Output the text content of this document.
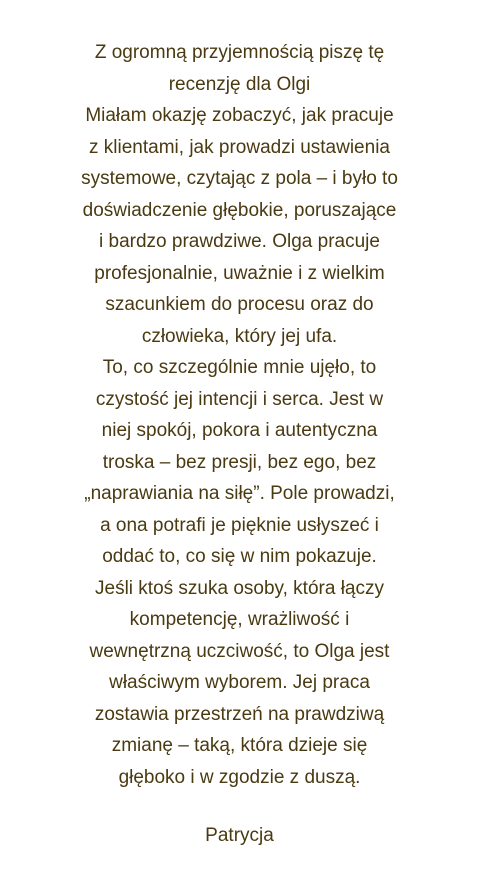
Z ogromną przyjemnością piszę tę
recenzję dla Olgi
Miałam okazję zobaczyć, jak pracuje
z klientami, jak prowadzi ustawienia
systemowe, czytając z pola – i było to
doświadczenie głębokie, poruszające
i bardzo prawdziwe. Olga pracuje
profesjonalnie, uważnie i z wielkim
szacunkiem do procesu oraz do
człowieka, który jej ufa.
To, co szczególnie mnie ujęło, to
czystość jej intencji i serca. Jest w
niej spokój, pokora i autentyczna
troska – bez presji, bez ego, bez
„naprawiania na siłę”. Pole prowadzi,
a ona potrafi je pięknie usłyszeć i
oddać to, co się w nim pokazuje.
Jeśli ktoś szuka osoby, która łączy
kompetencję, wrażliwość i
wewnętrzną uczciwość, to Olga jest
właściwym wyborem. Jej praca
zostawia przestrzeń na prawdziwą
zmianę – taką, która dzieje się
głęboko i w zgodzie z duszą.
Patrycja
